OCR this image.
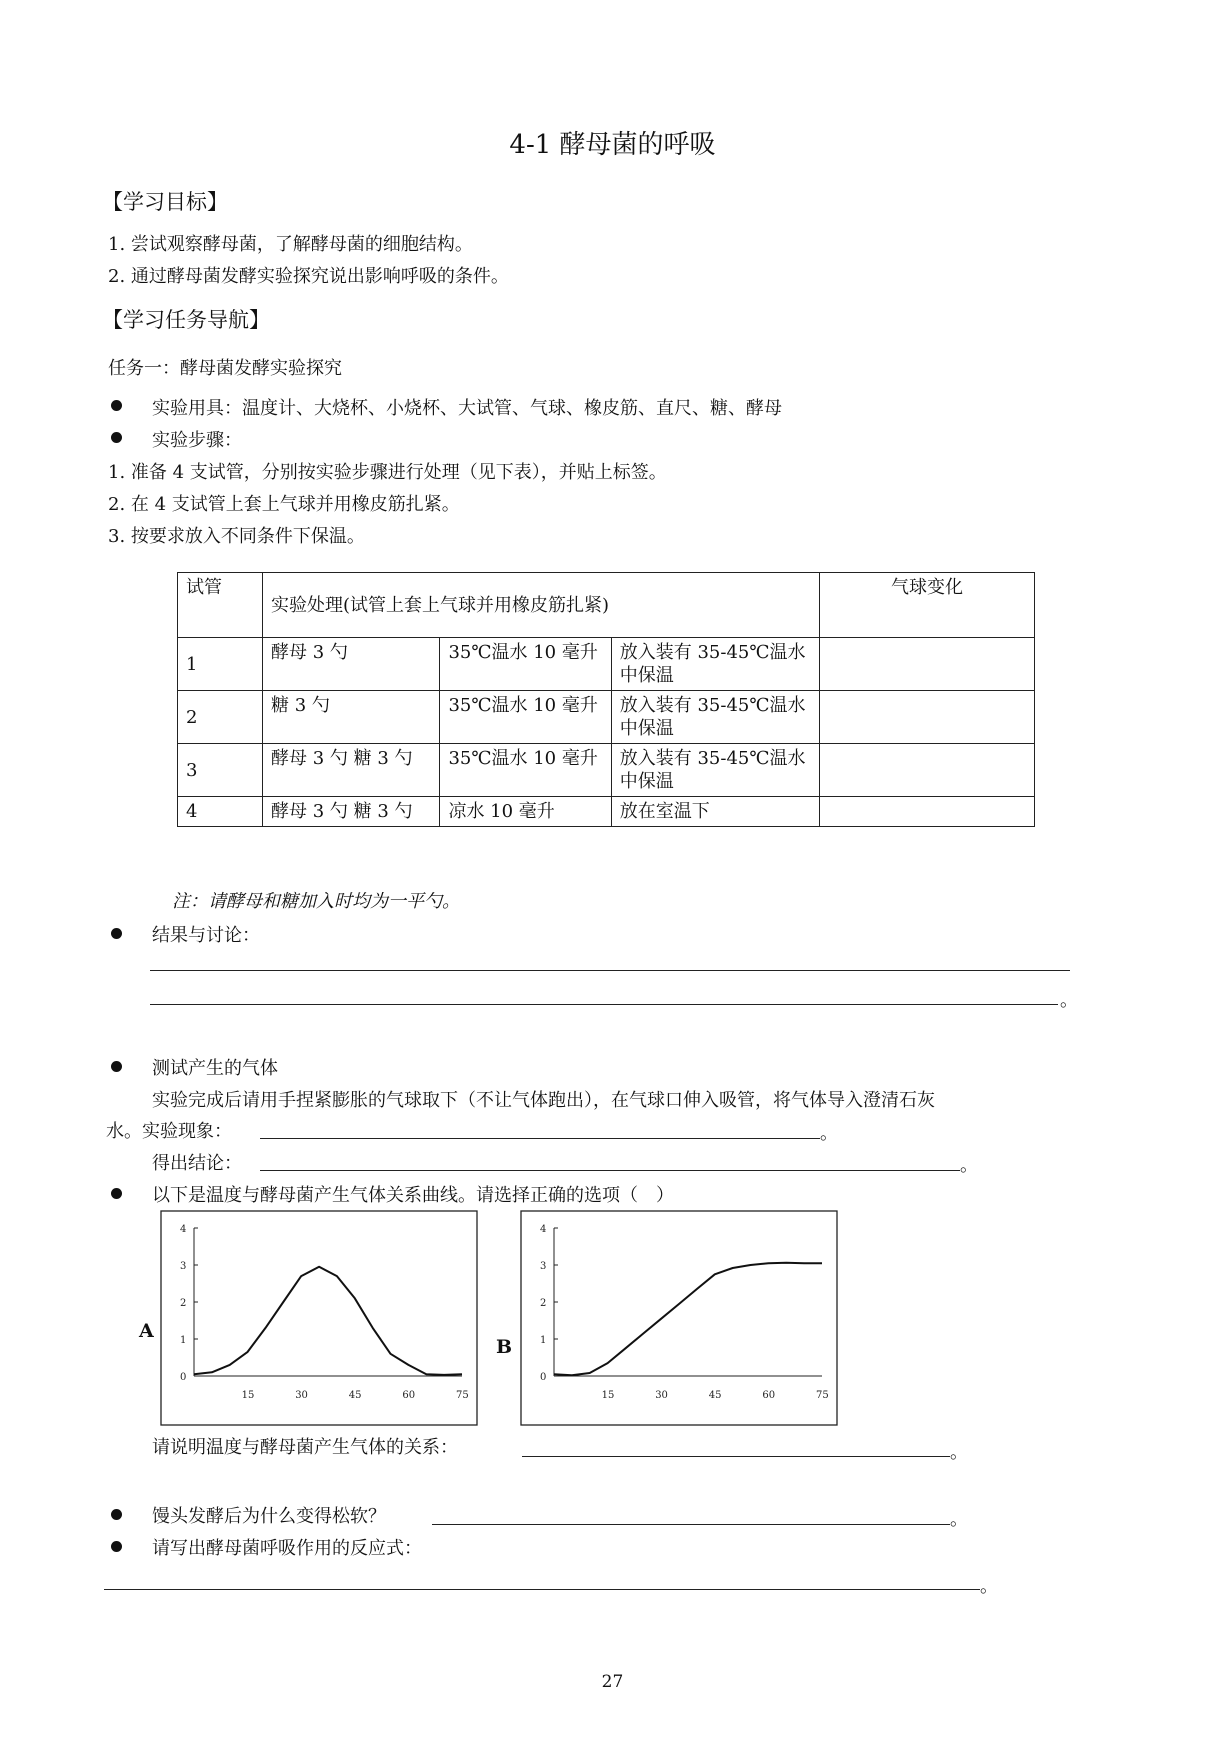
4-1 酵母菌的呼吸
【学习目标】
1. 尝试观察酵母菌，了解酵母菌的细胞结构。
2. 通过酵母菌发酵实验探究说出影响呼吸的条件。
【学习任务导航】
任务一：酵母菌发酵实验探究
实验用具：温度计、大烧杯、小烧杯、大试管、气球、橡皮筋、直尺、糖、酵母
实验步骤：
1. 准备 4 支试管，分别按实验步骤进行处理（见下表），并贴上标签。
2. 在 4 支试管上套上气球并用橡皮筋扎紧。
3. 按要求放入不同条件下保温。
试管	实验处理(试管上套上气球并用橡皮筋扎紧)			气球变化
1	酵母 3 勺	35℃温水 10 毫升	放入装有 35-45℃温水中保温	
2	糖 3 勺	35℃温水 10 毫升	放入装有 35-45℃温水中保温	
3	酵母 3 勺 糖 3 勺	35℃温水 10 毫升	放入装有 35-45℃温水中保温	
4	酵母 3 勺 糖 3 勺	凉水 10 毫升	放在室温下	
注：请酵母和糖加入时均为一平勺。
结果与讨论：
。
测试产生的气体
实验完成后请用手捏紧膨胀的气球取下（不让气体跑出），在气球口伸入吸管，将气体导入澄清石灰
水。实验现象：	。
得出结论：	。
以下是温度与酵母菌产生气体关系曲线。请选择正确的选项（　）
A
B
0
1
2
3
4
15	30	45	60	75
0
1
2
3
4
15	30	45	60	75
请说明温度与酵母菌产生气体的关系：	。
馒头发酵后为什么变得松软？	。
请写出酵母菌呼吸作用的反应式：
。
27
